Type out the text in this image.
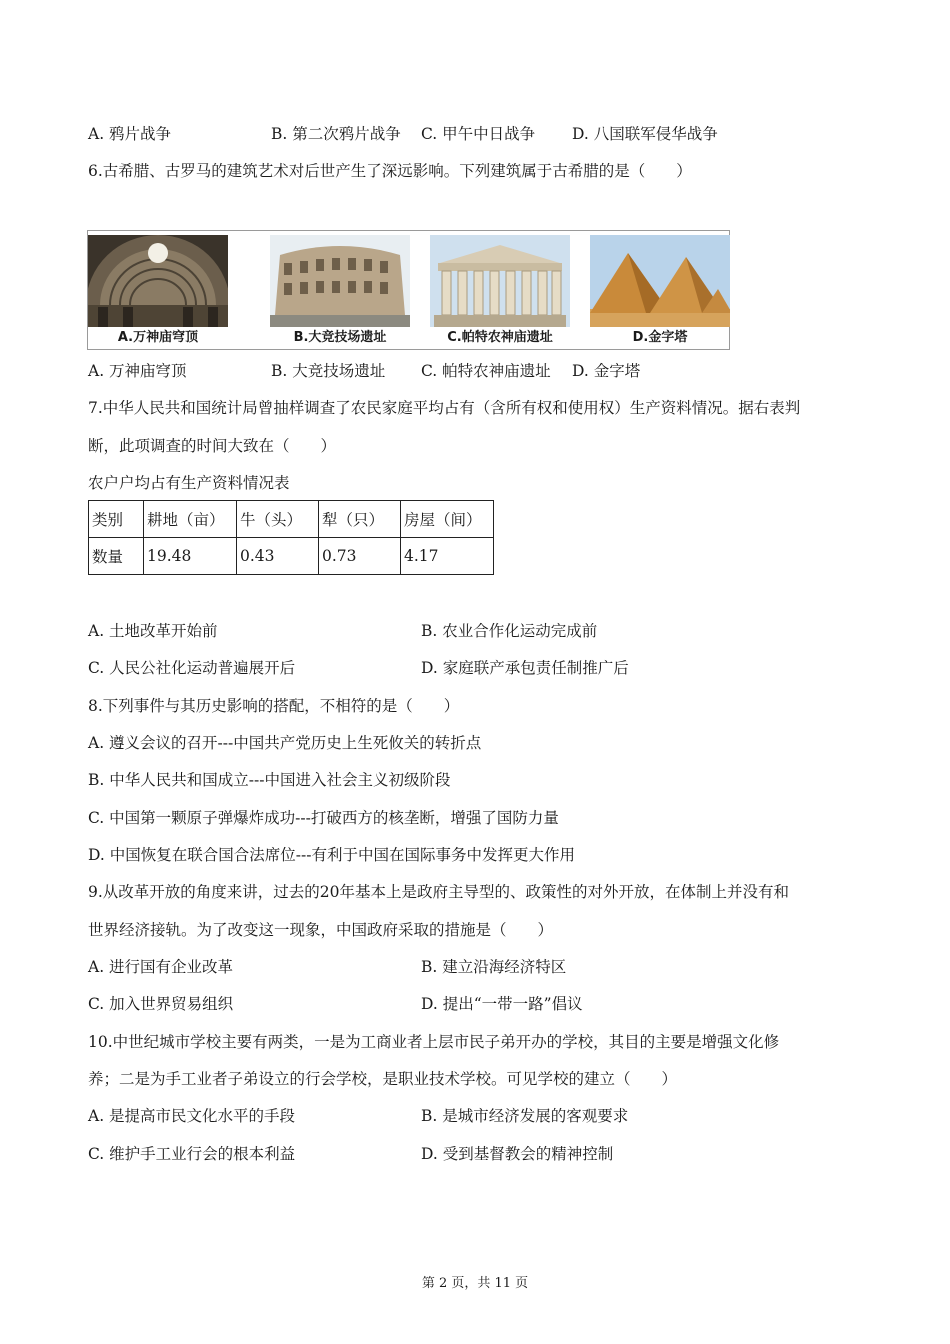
A. 鸦片战争	B. 第二次鸦片战争 C. 甲午中日战争 D. 八国联军侵华战争
6.古希腊、古罗马的建筑艺术对后世产生了深远影响。下列建筑属于古希腊的是（　　）
A.万神庙穹顶	B.大竞技场遗址	C.帕特农神庙遗址	D.金字塔
A. 万神庙穹顶	B. 大竞技场遗址 C. 帕特农神庙遗址 D. 金字塔
7.中华人民共和国统计局曾抽样调查了农民家庭平均占有（含所有权和使用权）生产资料情况。据右表判
断，此项调查的时间大致在（　　）
农户户均占有生产资料情况表
类别	耕地（亩）	牛（头）	犁（只）	房屋（间）
数量	19.48	0.43	0.73	4.17
A. 土地改革开始前	B. 农业合作化运动完成前
C. 人民公社化运动普遍展开后	D. 家庭联产承包责任制推广后
8.下列事件与其历史影响的搭配，不相符的是（　　）
A. 遵义会议的召开---中国共产党历史上生死攸关的转折点
B. 中华人民共和国成立---中国进入社会主义初级阶段
C. 中国第一颗原子弹爆炸成功---打破西方的核垄断，增强了国防力量
D. 中国恢复在联合国合法席位---有利于中国在国际事务中发挥更大作用
9.从改革开放的角度来讲，过去的20年基本上是政府主导型的、政策性的对外开放，在体制上并没有和
世界经济接轨。为了改变这一现象，中国政府采取的措施是（　　）
A. 进行国有企业改革	B. 建立沿海经济特区
C. 加入世界贸易组织	D. 提出“一带一路”倡议
10.中世纪城市学校主要有两类，一是为工商业者上层市民子弟开办的学校，其目的主要是增强文化修
养；二是为手工业者子弟设立的行会学校，是职业技术学校。可见学校的建立（　　）
A. 是提高市民文化水平的手段	B. 是城市经济发展的客观要求
C. 维护手工业行会的根本利益	D. 受到基督教会的精神控制
第 2 页，共 11 页
